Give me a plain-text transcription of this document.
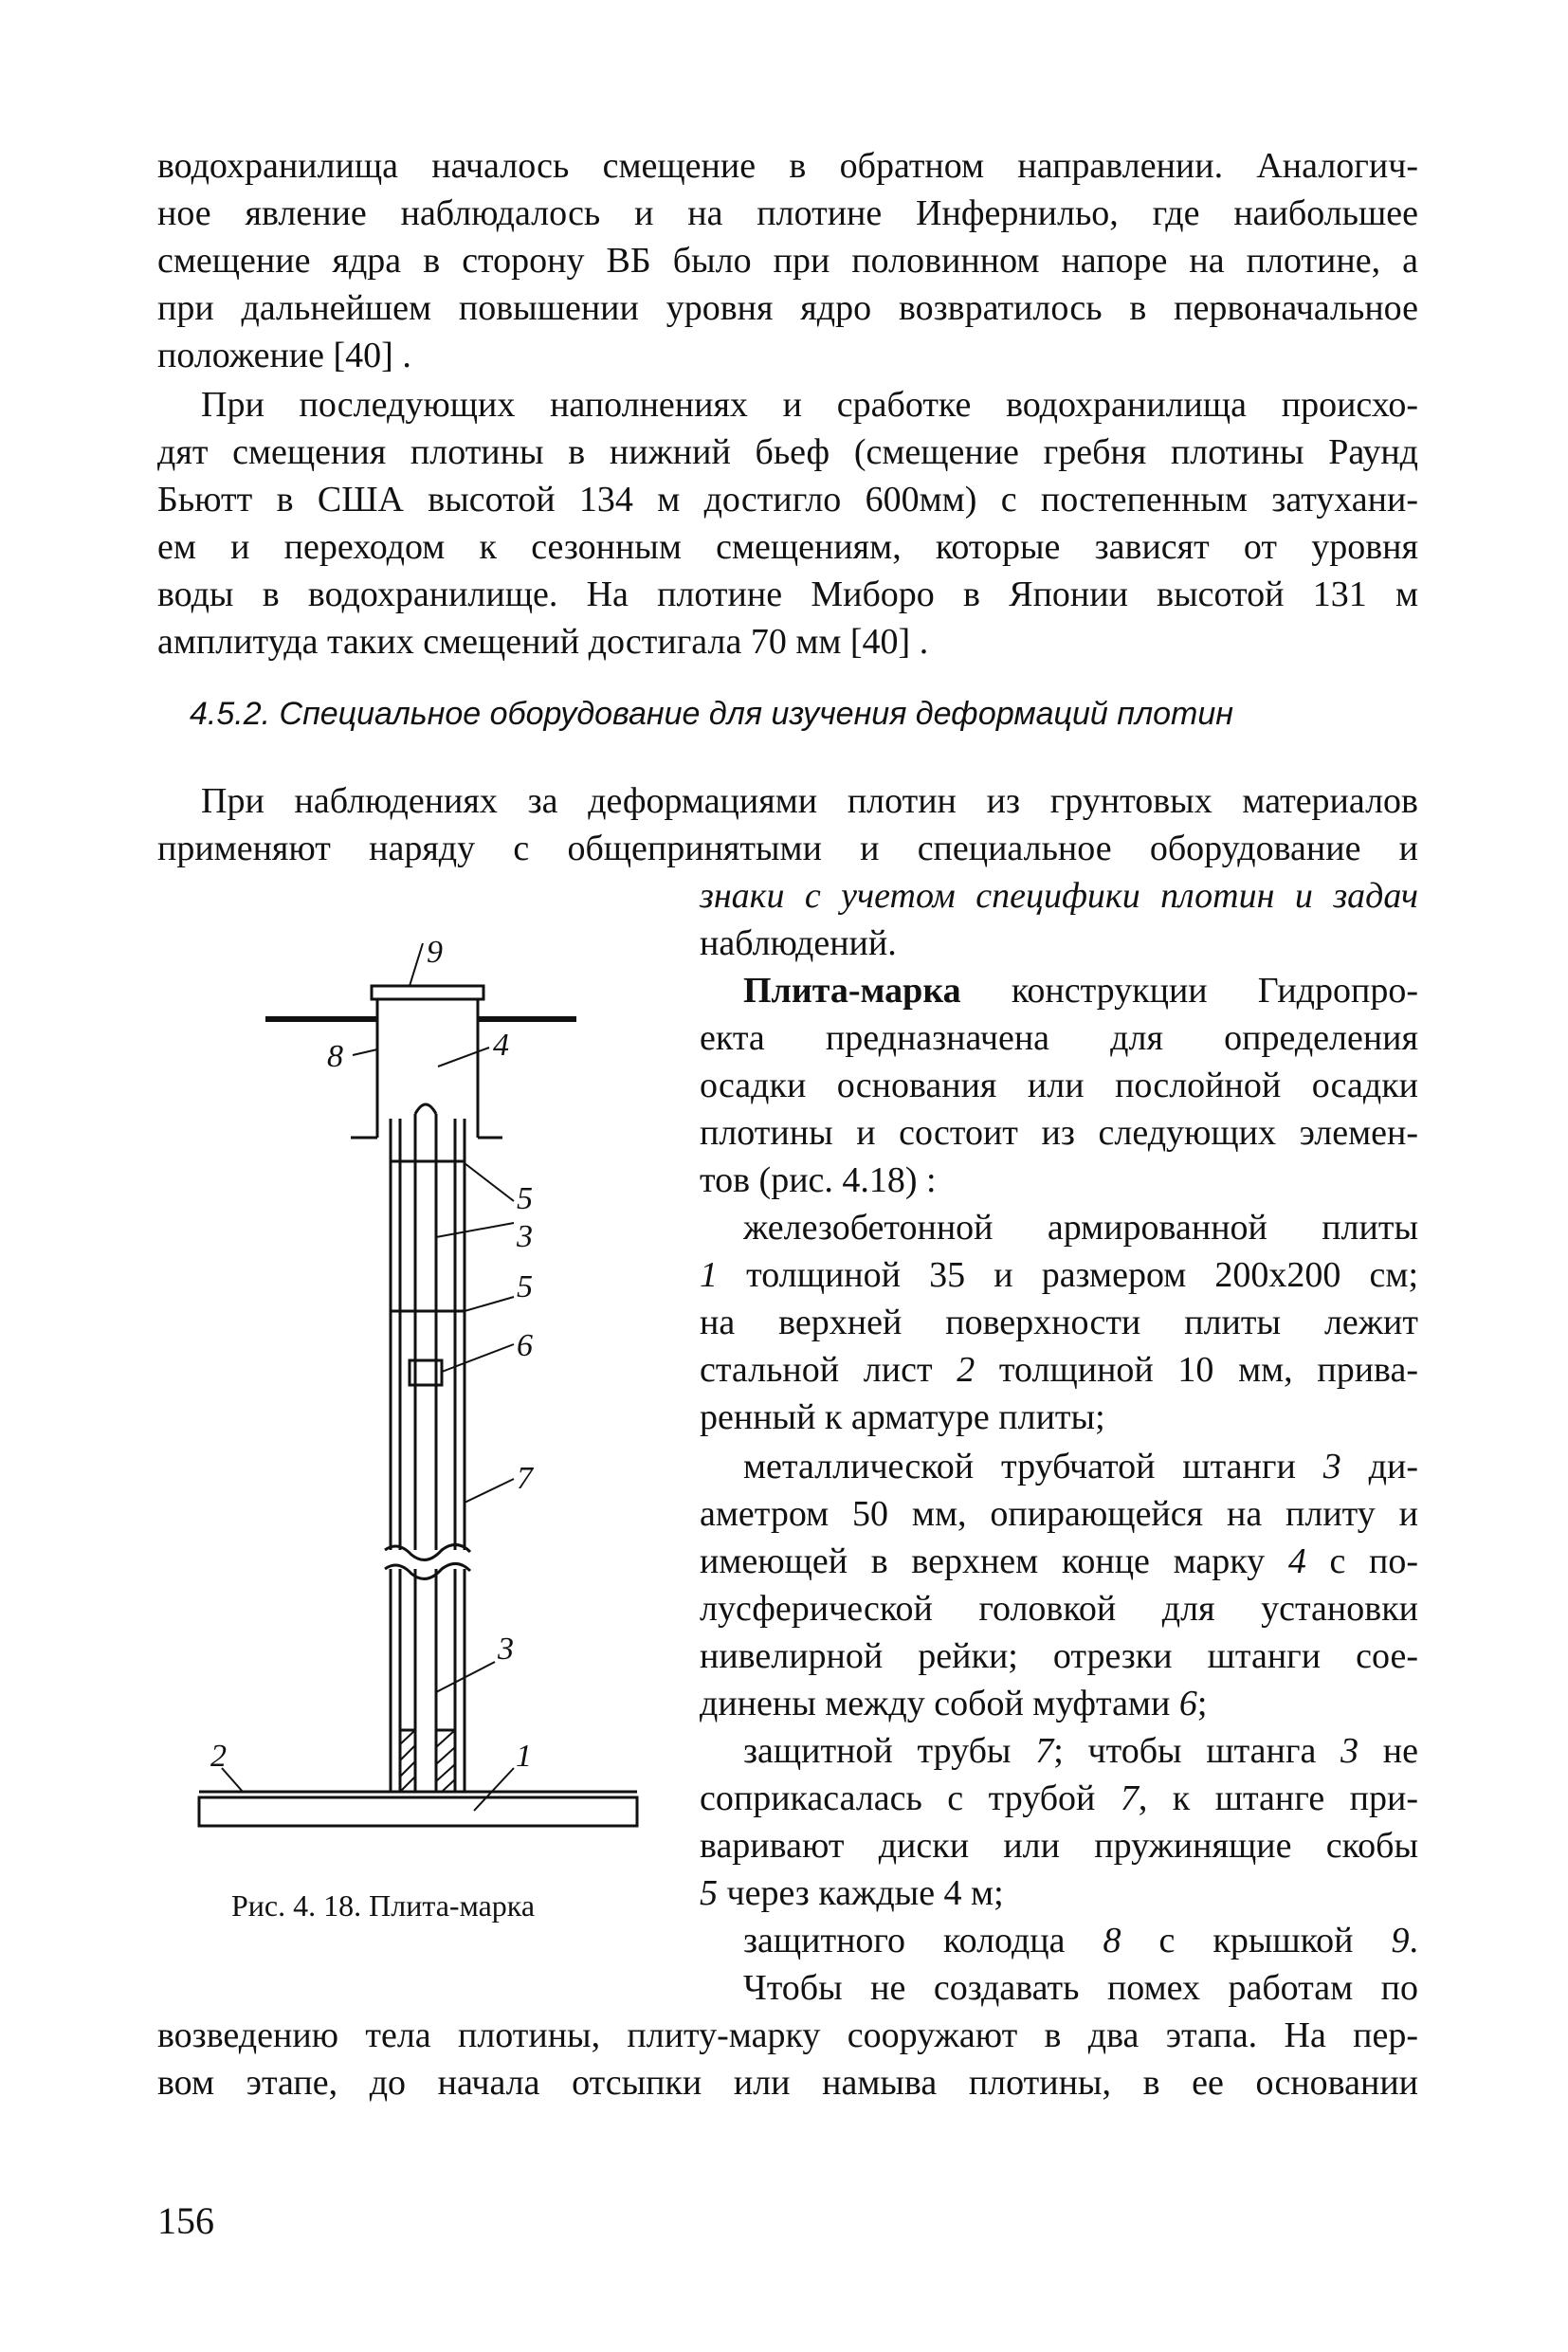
водохранилища началось смещение в обратном направлении. Аналогич-
ное явление наблюдалось и на плотине Инфернильо, где наибольшее
смещение ядра в сторону ВБ было при половинном напоре на плотине, а
при дальнейшем повышении уровня ядро возвратилось в первоначальное
положение [40] .
При последующих наполнениях и сработке водохранилища происхо-
дят смещения плотины в нижний бьеф (смещение гребня плотины Раунд
Бьютт в США высотой 134 м достигло 600мм) с постепенным затухани-
ем и переходом к сезонным смещениям, которые зависят от уровня
воды в водохранилище. На плотине Миборо в Японии высотой 131 м
амплитуда таких смещений достигала 70 мм [40] .
4.5.2. Специальное оборудование для изучения деформаций плотин
При наблюдениях за деформациями плотин из грунтовых материалов
применяют наряду с общепринятыми и специальное оборудование и
знаки с учетом специфики плотин и задач
наблюдений.
Плита-марка конструкции Гидропро-
екта предназначена для определения
осадки основания или послойной осадки
плотины и состоит из следующих элемен-
тов (рис. 4.18) :
железобетонной армированной плиты
1 толщиной 35 и размером 200х200 см;
на верхней поверхности плиты лежит
стальной лист 2 толщиной 10 мм, прива-
ренный к арматуре плиты;
металлической трубчатой штанги 3 ди-
аметром 50 мм, опирающейся на плиту и
имеющей в верхнем конце марку 4 с по-
лусферической головкой для установки
нивелирной рейки; отрезки штанги сое-
динены между собой муфтами 6;
защитной трубы 7; чтобы штанга 3 не
соприкасалась с трубой 7, к штанге при-
варивают диски или пружинящие скобы
5 через каждые 4 м;
защитного колодца 8 с крышкой 9.
Чтобы не создавать помех работам по
возведению тела плотины, плиту-марку сооружают в два этапа. На пер-
вом этапе, до начала отсыпки или намыва плотины, в ее основании
9
8	4
5
3
5
6
7
3
2	1
Рис. 4. 18. Плита-марка
156
